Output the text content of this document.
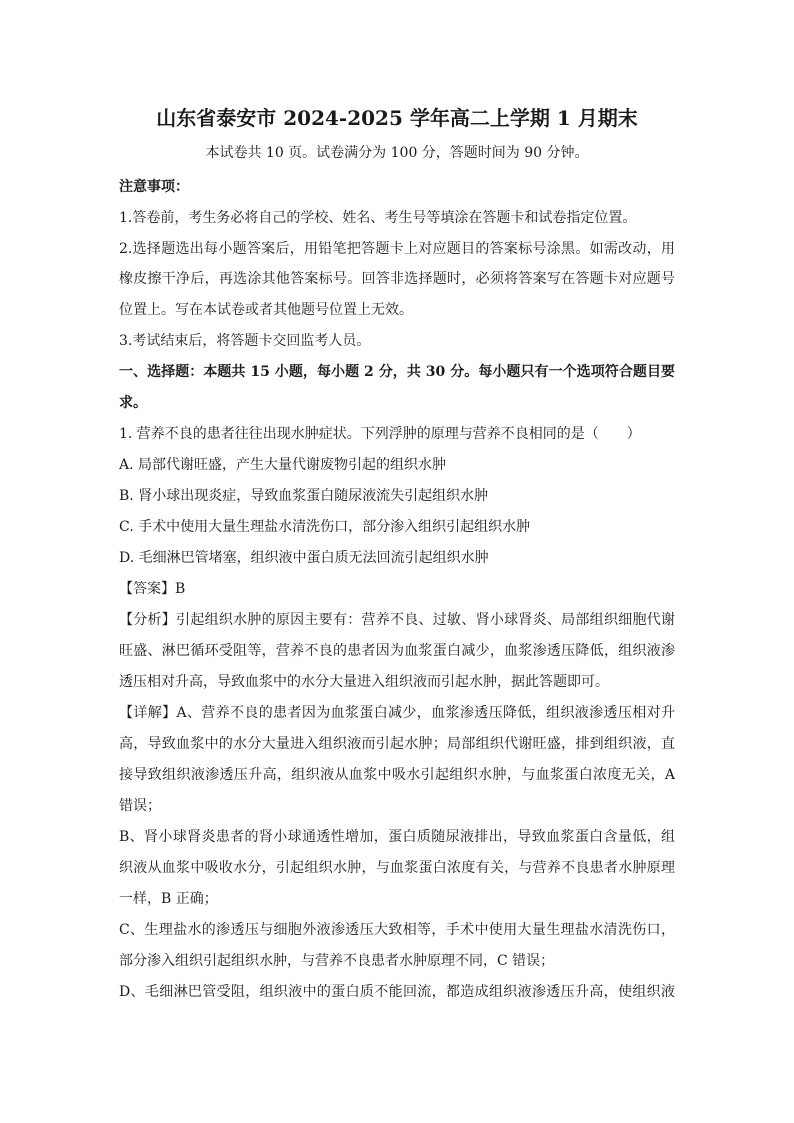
山东省泰安市 2024-2025 学年高二上学期 1 月期末
本试卷共 10 页。试卷满分为 100 分，答题时间为 90 分钟。
注意事项：
1.答卷前，考生务必将自己的学校、姓名、考生号等填涂在答题卡和试卷指定位置。
2.选择题选出每小题答案后，用铅笔把答题卡上对应题目的答案标号涂黑。如需改动，用
橡皮擦干净后，再选涂其他答案标号。回答非选择题时，必须将答案写在答题卡对应题号
位置上。写在本试卷或者其他题号位置上无效。
3.考试结束后，将答题卡交回监考人员。
一、选择题：本题共 15 小题，每小题 2 分，共 30 分。每小题只有一个选项符合题目要
求。
1. 营养不良的患者往往出现水肿症状。下列浮肿的原理与营养不良相同的是（　　）
A. 局部代谢旺盛，产生大量代谢废物引起的组织水肿
B. 肾小球出现炎症，导致血浆蛋白随尿液流失引起组织水肿
C. 手术中使用大量生理盐水清洗伤口，部分渗入组织引起组织水肿
D. 毛细淋巴管堵塞，组织液中蛋白质无法回流引起组织水肿
【答案】B
【分析】引起组织水肿的原因主要有：营养不良、过敏、肾小球肾炎、局部组织细胞代谢
旺盛、淋巴循环受阻等，营养不良的患者因为血浆蛋白减少，血浆渗透压降低，组织液渗
透压相对升高，导致血浆中的水分大量进入组织液而引起水肿，据此答题即可。
【详解】A、营养不良的患者因为血浆蛋白减少，血浆渗透压降低，组织液渗透压相对升
高，导致血浆中的水分大量进入组织液而引起水肿；局部组织代谢旺盛，排到组织液，直
接导致组织液渗透压升高，组织液从血浆中吸水引起组织水肿，与血浆蛋白浓度无关，A
错误；
B、肾小球肾炎患者的肾小球通透性增加，蛋白质随尿液排出，导致血浆蛋白含量低，组
织液从血浆中吸收水分，引起组织水肿，与血浆蛋白浓度有关，与营养不良患者水肿原理
一样，B 正确；
C、生理盐水的渗透压与细胞外液渗透压大致相等，手术中使用大量生理盐水清洗伤口，
部分渗入组织引起组织水肿，与营养不良患者水肿原理不同，C 错误；
D、毛细淋巴管受阻，组织液中的蛋白质不能回流，都造成组织液渗透压升高，使组织液
